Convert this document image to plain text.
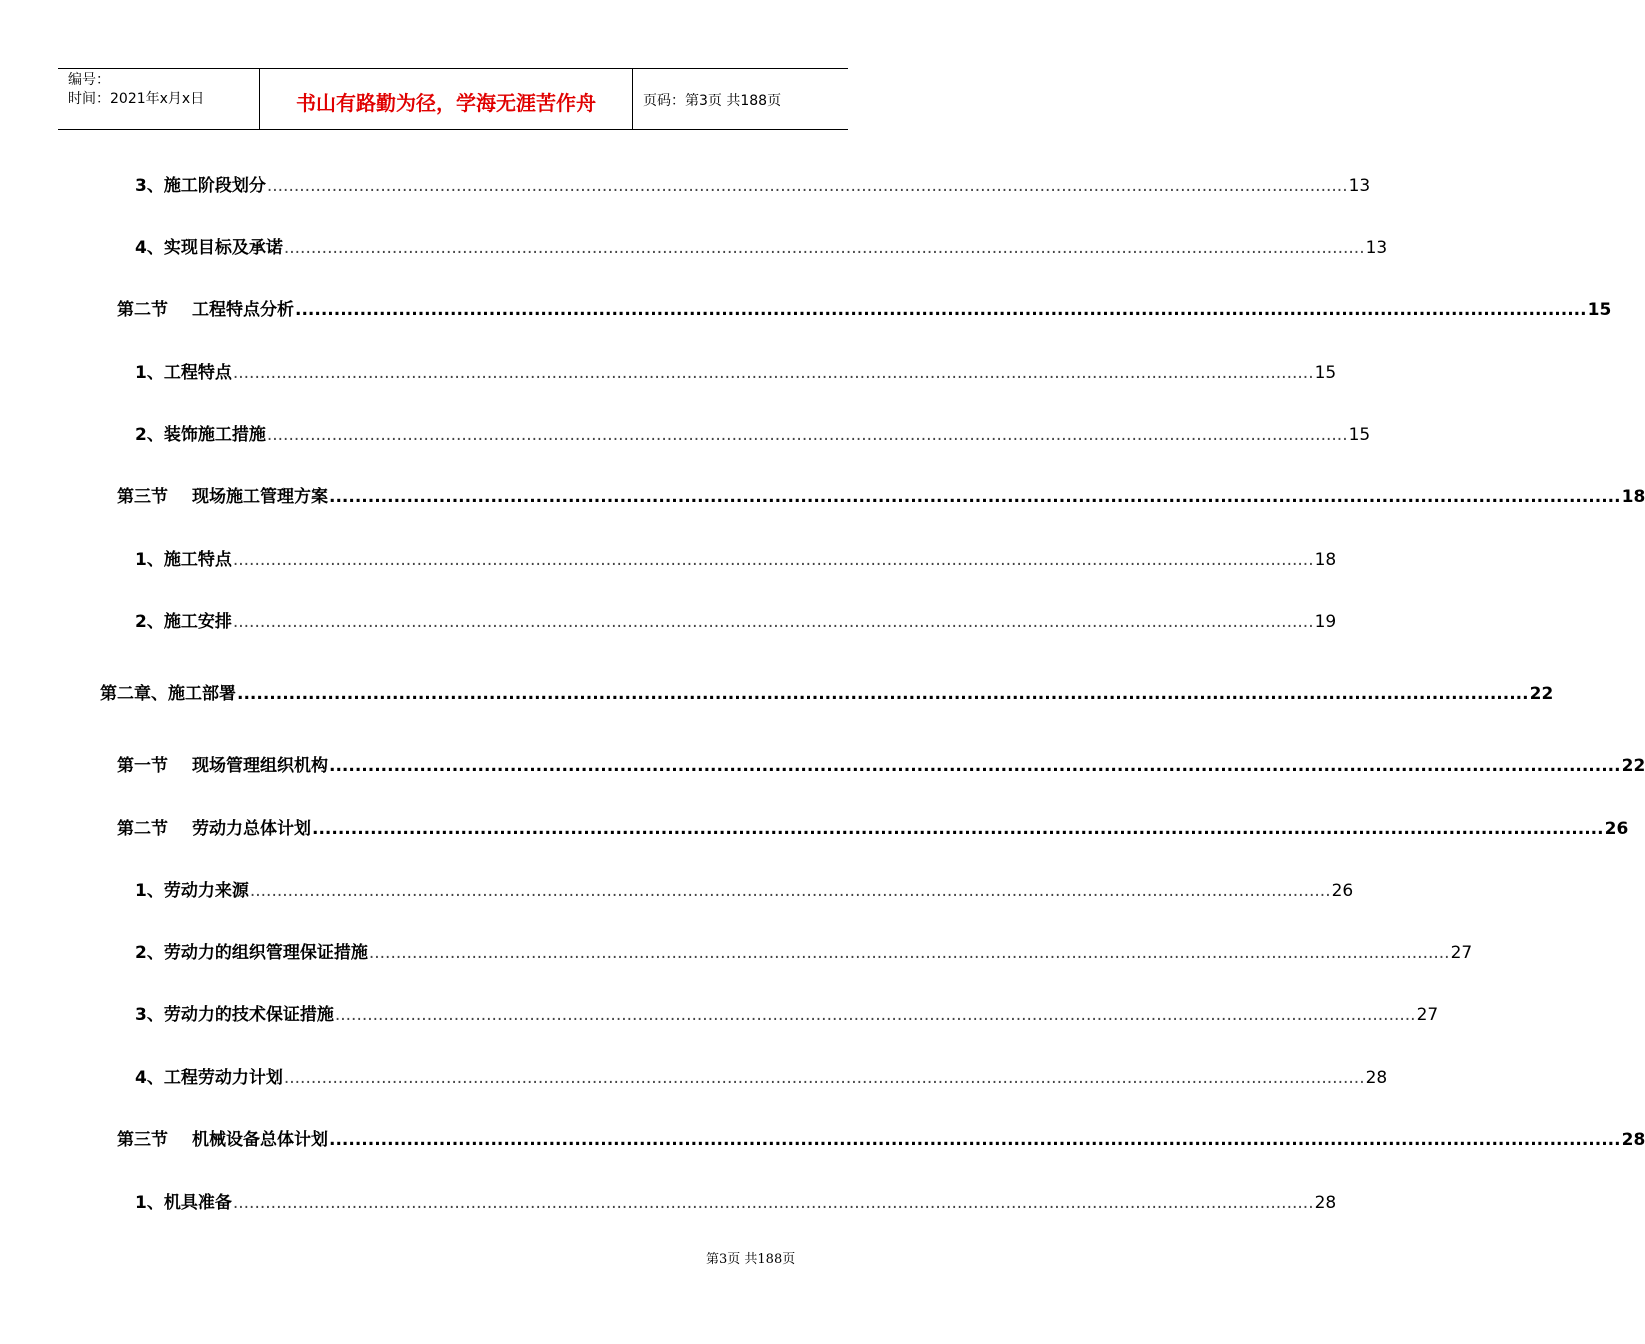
编号：
时间：2021年x月x日	书山有路勤为径，学海无涯苦作舟	页码：第3页 共188页
3、施工阶段划分 ........................................................................................................................................................................................................ 13
4、实现目标及承诺 ........................................................................................................................................................................................................ 13
第二节 工程特点分析 ........................................................................................................................................................................................................ 15
1、工程特点 ........................................................................................................................................................................................................ 15
2、装饰施工措施 ........................................................................................................................................................................................................ 15
第三节 现场施工管理方案 ........................................................................................................................................................................................................ 18
1、施工特点 ........................................................................................................................................................................................................ 18
2、施工安排 ........................................................................................................................................................................................................ 19
第二章、施工部署 ........................................................................................................................................................................................................ 22
第一节 现场管理组织机构 ........................................................................................................................................................................................................ 22
第二节 劳动力总体计划 ........................................................................................................................................................................................................ 26
1、劳动力来源 ........................................................................................................................................................................................................ 26
2、劳动力的组织管理保证措施 ........................................................................................................................................................................................................ 27
3、劳动力的技术保证措施 ........................................................................................................................................................................................................ 27
4、工程劳动力计划 ........................................................................................................................................................................................................ 28
第三节 机械设备总体计划 ........................................................................................................................................................................................................ 28
1、机具准备 ........................................................................................................................................................................................................ 28
第3页 共188页
